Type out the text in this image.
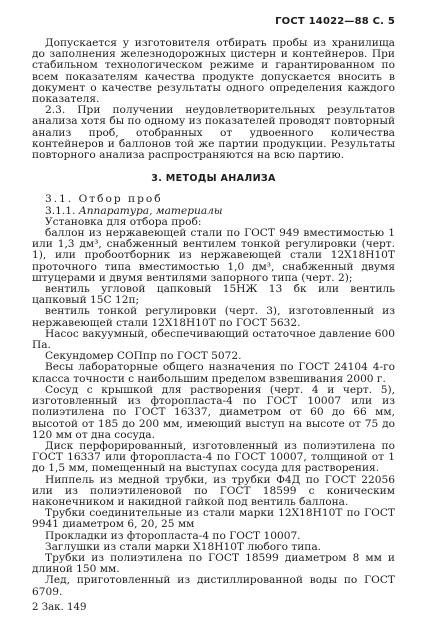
ГОСТ 14022—88 С. 5

Допускается у изготовителя отбирать пробы из хранилища до заполнения железнодорожных цистерн и контейнеров. При стабильном технологическом режиме и гарантированном по всем показателям качества продукте допускается вносить в документ о качестве результаты одного определения каждого показателя.

2.3. При получении неудовлетворительных результатов анализа хотя бы по одному из показателей проводят повторный анализ проб, отобранных от удвоенного количества контейнеров и баллонов той же партии продукции. Результаты повторного анализа распространяются на всю партию.

3. МЕТОДЫ АНАЛИЗА

3.1. Отбор проб

3.1.1. Аппаратура, материалы

Установка для отбора проб:

баллон из нержавеющей стали по ГОСТ 949 вместимостью 1 или 1,3 дм³, снабженный вентилем тонкой регулировки (черт. 1), или пробоотборник из нержавеющей стали 12Х18Н10Т проточного типа вместимостью 1,0 дм³, снабженный двумя штуцерами и двумя вентилями запорного типа (черт. 2);

вентиль угловой цапковый 15НЖ 13 бк или вентиль цапковый 15С 12п;

вентиль тонкой регулировки (черт. 3), изготовленный из нержавеющей стали 12Х18Н10Т по ГОСТ 5632.

Насос вакуумный, обеспечивающий остаточное давление 600 Па.

Секундомер СОПпр по ГОСТ 5072.

Весы лабораторные общего назначения по ГОСТ 24104 4-го класса точности с наибольшим пределом взвешивания 2000 г.

Сосуд с крышкой для растворения (черт. 4 и черт. 5), изготовленный из фторопласта-4 по ГОСТ 10007 или из полиэтилена по ГОСТ 16337, диаметром от 60 до 66 мм, высотой от 185 до 200 мм, имеющий выступ на высоте от 75 до 120 мм от дна сосуда.

Диск перфорированный, изготовленный из полиэтилена по ГОСТ 16337 или фторопласта-4 по ГОСТ 10007, толщиной от 1 до 1,5 мм, помещенный на выступах сосуда для растворения.

Ниппель из медной трубки, из трубки Ф4Д по ГОСТ 22056 или из полиэтиленовой по ГОСТ 18599 с коническим наконечником и накидной гайкой под вентиль баллона.

Трубки соединительные из стали марки 12Х18Н10Т по ГОСТ 9941 диаметром 6, 20, 25 мм

Прокладки из фторопласта-4 по ГОСТ 10007.

Заглушки из стали марки Х18Н10Т любого типа.

Трубки из полиэтилена по ГОСТ 18599 диаметром 8 мм и длиной 150 мм.

Лед, приготовленный из дистиллированной воды по ГОСТ 6709.

2 Зак. 149
